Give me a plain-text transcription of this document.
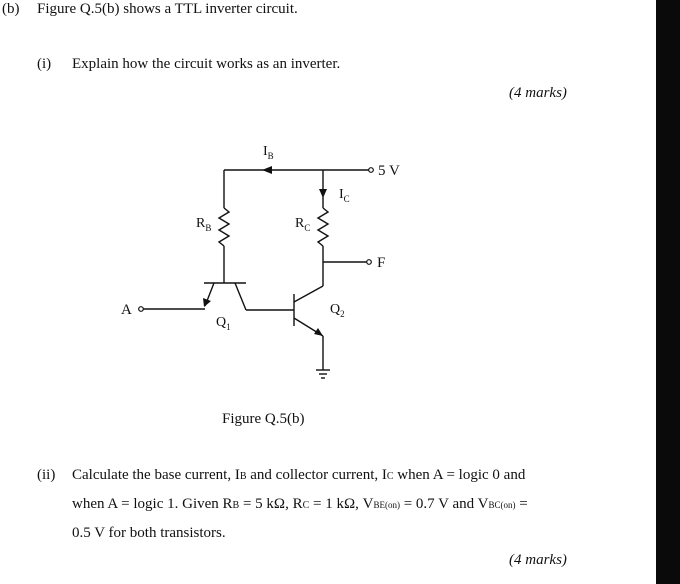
(b) Figure Q.5(b) shows a TTL inverter circuit.
(i) Explain how the circuit works as an inverter.
(4 marks)
$I_B$
$I_C$
$R_B$	$R_C$
5 V
F
A
$Q_1$
$Q_2$
Figure Q.5(b)
(ii) Calculate the base current, IB and collector current, IC when A = logic 0 and
when A = logic 1. Given RB = 5 kΩ, RC = 1 kΩ, VBE(on) = 0.7 V and VBC(on) =
0.5 V for both transistors.
(4 marks)
